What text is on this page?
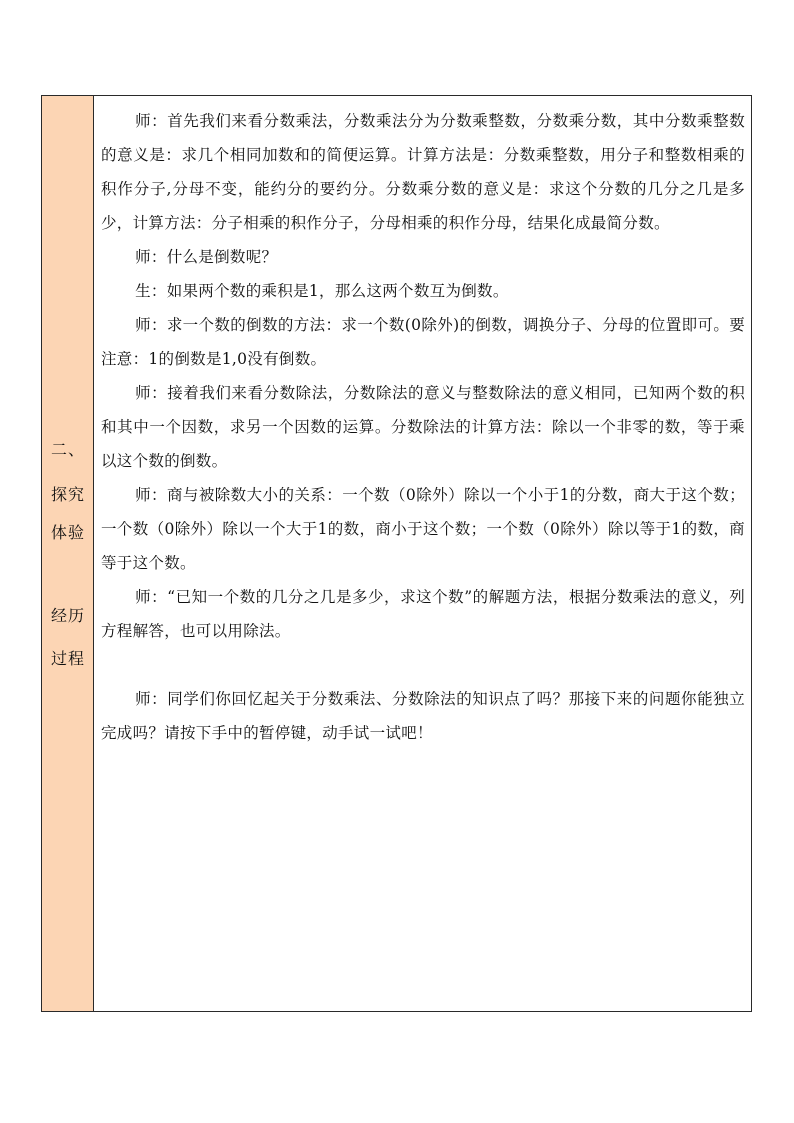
二、
探究
体验
经历
过程

师：首先我们来看分数乘法，分数乘法分为分数乘整数，分数乘分数，其中分数乘整数的意义是：求几个相同加数和的简便运算。计算方法是：分数乘整数，用分子和整数相乘的积作分子,分母不变，能约分的要约分。分数乘分数的意义是：求这个分数的几分之几是多少，计算方法：分子相乘的积作分子，分母相乘的积作分母，结果化成最简分数。

师：什么是倒数呢？

生：如果两个数的乘积是1，那么这两个数互为倒数。

师：求一个数的倒数的方法：求一个数(0除外)的倒数，调换分子、分母的位置即可。要注意：1的倒数是1,0没有倒数。

师：接着我们来看分数除法，分数除法的意义与整数除法的意义相同，已知两个数的积和其中一个因数，求另一个因数的运算。分数除法的计算方法：除以一个非零的数，等于乘以这个数的倒数。

师：商与被除数大小的关系：一个数（0除外）除以一个小于1的分数，商大于这个数；一个数（0除外）除以一个大于1的数，商小于这个数；一个数（0除外）除以等于1的数，商等于这个数。

师：“已知一个数的几分之几是多少，求这个数”的解题方法，根据分数乘法的意义，列方程解答，也可以用除法。

师：同学们你回忆起关于分数乘法、分数除法的知识点了吗？那接下来的问题你能独立完成吗？请按下手中的暂停键，动手试一试吧！
